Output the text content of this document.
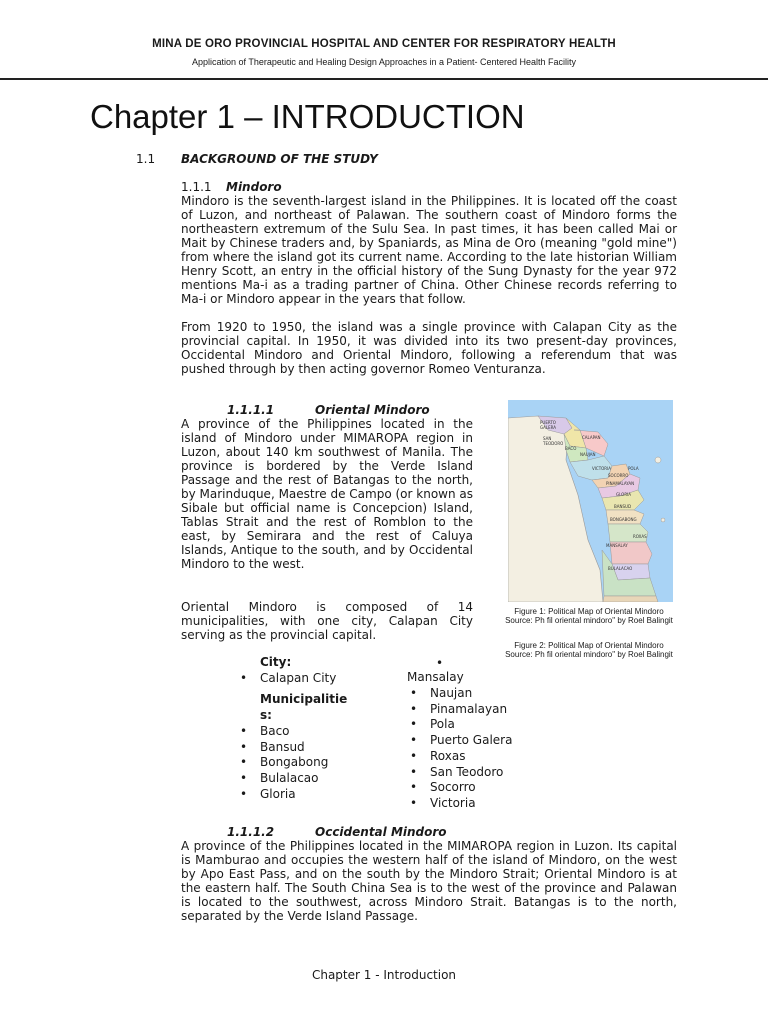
MINA DE ORO PROVINCIAL HOSPITAL AND CENTER FOR RESPIRATORY HEALTH
Application of Therapeutic and Healing Design Approaches in a Patient- Centered Health Facility
Chapter 1 – INTRODUCTION
1.1 BACKGROUND OF THE STUDY
1.1.1 Mindoro

Mindoro is the seventh-largest island in the Philippines. It is located off the coast of Luzon, and northeast of Palawan. The southern coast of Mindoro forms the northeastern extremum of the Sulu Sea. In past times, it has been called Mai or Mait by Chinese traders and, by Spaniards, as Mina de Oro (meaning "gold mine") from where the island got its current name. According to the late historian William Henry Scott, an entry in the official history of the Sung Dynasty for the year 972 mentions Ma-i as a trading partner of China. Other Chinese records referring to Ma-i or Mindoro appear in the years that follow.

From 1920 to 1950, the island was a single province with Calapan City as the provincial capital. In 1950, it was divided into its two present-day provinces, Occidental Mindoro and Oriental Mindoro, following a referendum that was pushed through by then acting governor Romeo Venturanza.

1.1.1.1	Oriental Mindoro

A province of the Philippines located in the island of Mindoro under MIMAROPA region in Luzon, about 140 km southwest of Manila. The province is bordered by the Verde Island Passage and the rest of Batangas to the north, by Marinduque, Maestre de Campo (or known as Sibale but official name is Concepcion) Island, Tablas Strait and the rest of Romblon to the east, by Semirara and the rest of Caluya Islands, Antique to the south, and by Occidental Mindoro to the west.

Oriental Mindoro is composed of 14 municipalities, with one city, Calapan City serving as the provincial capital.

PUERTO
GALERA
SAN
TEODORO
CALAPAN
BACO
NAUJAN
VICTORIA	POLA
SOCORRO
PINAMALAYAN
GLORIA
BANSUD
BONGABONG
ROXAS
MANSALAY
BULALACAO
Figure 1: Political Map of Oriental Mindoro
Source: Ph fil oriental mindoro" by Roel Balingit
Figure 2: Political Map of Oriental Mindoro
Source: Ph fil oriental mindoro" by Roel Balingit
City:
• Calapan City
Municipalitie
s:
• Baco
• Bansud
• Bongabong
• Bulalacao
• Gloria
•
Mansalay
• Naujan
• Pinamalayan
• Pola
• Puerto Galera
• Roxas
• San Teodoro
• Socorro
• Victoria
1.1.1.2	Occidental Mindoro

A province of the Philippines located in the MIMAROPA region in Luzon. Its capital is Mamburao and occupies the western half of the island of Mindoro, on the west by Apo East Pass, and on the south by the Mindoro Strait; Oriental Mindoro is at the eastern half. The South China Sea is to the west of the province and Palawan is located to the southwest, across Mindoro Strait. Batangas is to the north, separated by the Verde Island Passage.

Chapter 1 - Introduction
